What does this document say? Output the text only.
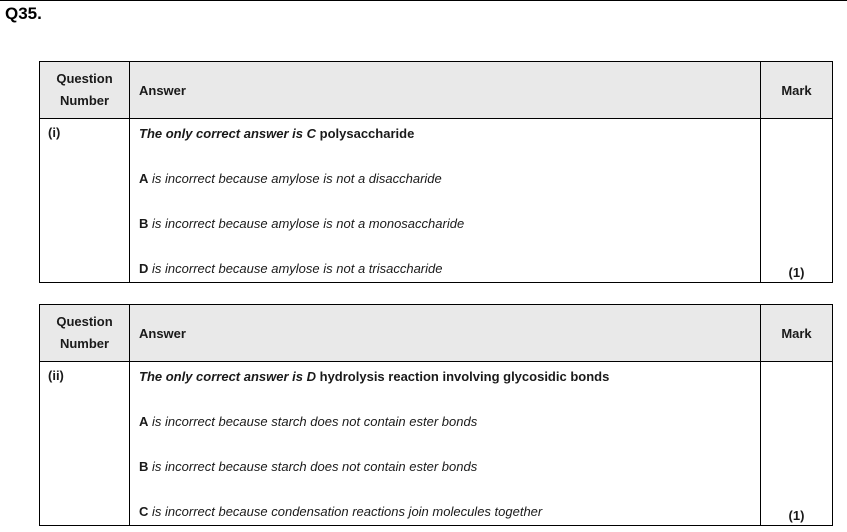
Q35.
Question
Number	Answer	Mark
(i)	The only correct answer is C polysaccharide
A is incorrect because amylose is not a disaccharide
B is incorrect because amylose is not a monosaccharide
D is incorrect because amylose is not a trisaccharide	(1)
Question
Number	Answer	Mark
(ii)	The only correct answer is D hydrolysis reaction involving glycosidic bonds
A is incorrect because starch does not contain ester bonds
B is incorrect because starch does not contain ester bonds
C is incorrect because condensation reactions join molecules together	(1)
